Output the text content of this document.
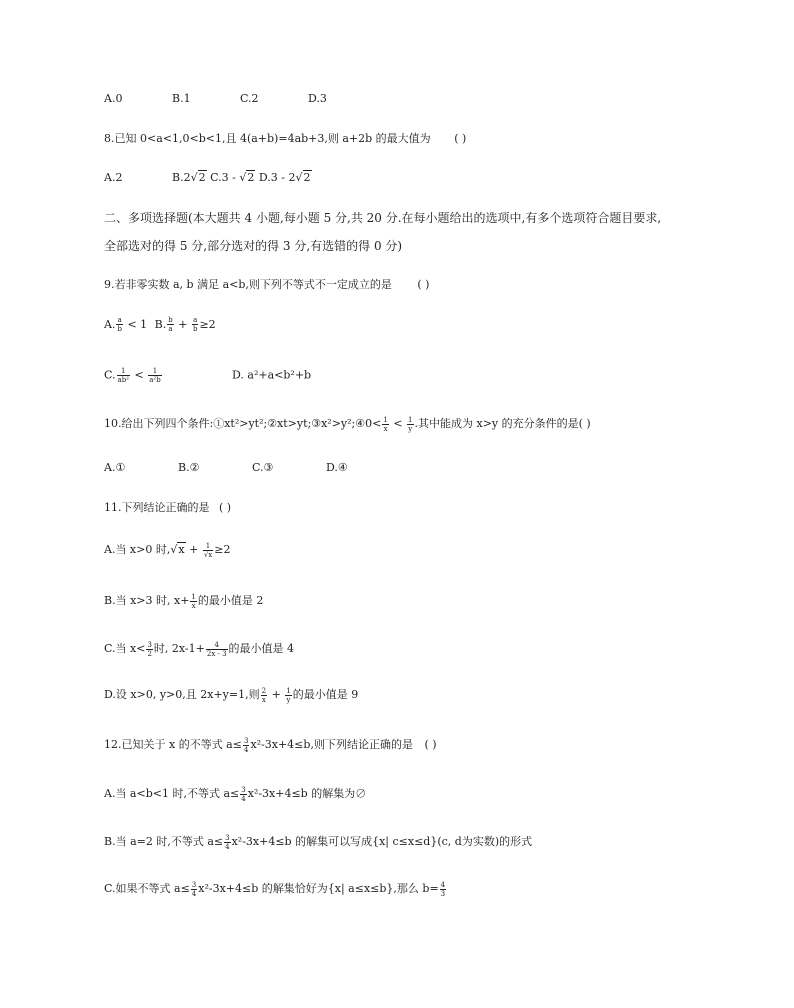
A.0	B.1	C.2	D.3
8.已知 0<a<1,0<b<1,且 4(a+b)=4ab+3,则 a+2b 的最大值为 ( )
A.2	B.2√2 C.3 - √2 D.3 - 2√2
二、多项选择题(本大题共 4 小题,每小题 5 分,共 20 分.在每小题给出的选项中,有多个选项符合题目要求,
全部选对的得 5 分,部分选对的得 3 分,有选错的得 0 分)
9.若非零实数 a, b 满足 a<b,则下列不等式不一定成立的是 ( )
A. $\frac{a}{b} < 1$ B. $\frac{b}{a} + \frac{a}{b} \ge 2$
C. $\frac{1}{\text{ab²}} < \frac{1}{\text{a²b}}$	D. a²+a<b²+b
10.给出下列四个条件:①xt²>yt²;②xt>yt;③x²>y²;④0< $\frac{1}{x} < \frac{1}{y}$ .其中能成为 x>y 的充分条件的是( )
A.①	B.②	C.③	D.④
11.下列结论正确的是 ( )
A.当 x>0 时$,√x + \frac{1}{√x} \ge 2$
B.当 x>3 时, $x+ \frac{1}{x}$ 的最小值是 2
C.当 $x< \frac{3}{2}$ 时, $2x-1+ \frac{4}{2x - 3}$ 的最小值是 4
D.设 x>0, y>0,且 2x+y=1,则 $\frac{2}{x} + \frac{1}{y}$ 的最小值是 9
12.已知关于 x 的不等式 $a\le \frac{3}{4} x^2-3x+4\le b$,则下列结论正确的是 ( )
A.当 a<b<1 时,不等式 $a\le \frac{3}{4} x^2-3x+4\le b$ 的解集为∅
B.当 a=2 时,不等式 $a\le \frac{3}{4} x^2-3x+4\le b$ 的解集可以写成{x| c≤x≤d}(c, d为实数)的形式
C.如果不等式 $a\le \frac{3}{4} x^2-3x+4\le b$ 的解集恰好为{x| a≤x≤b},那么 $b= \frac{4}{3}$
